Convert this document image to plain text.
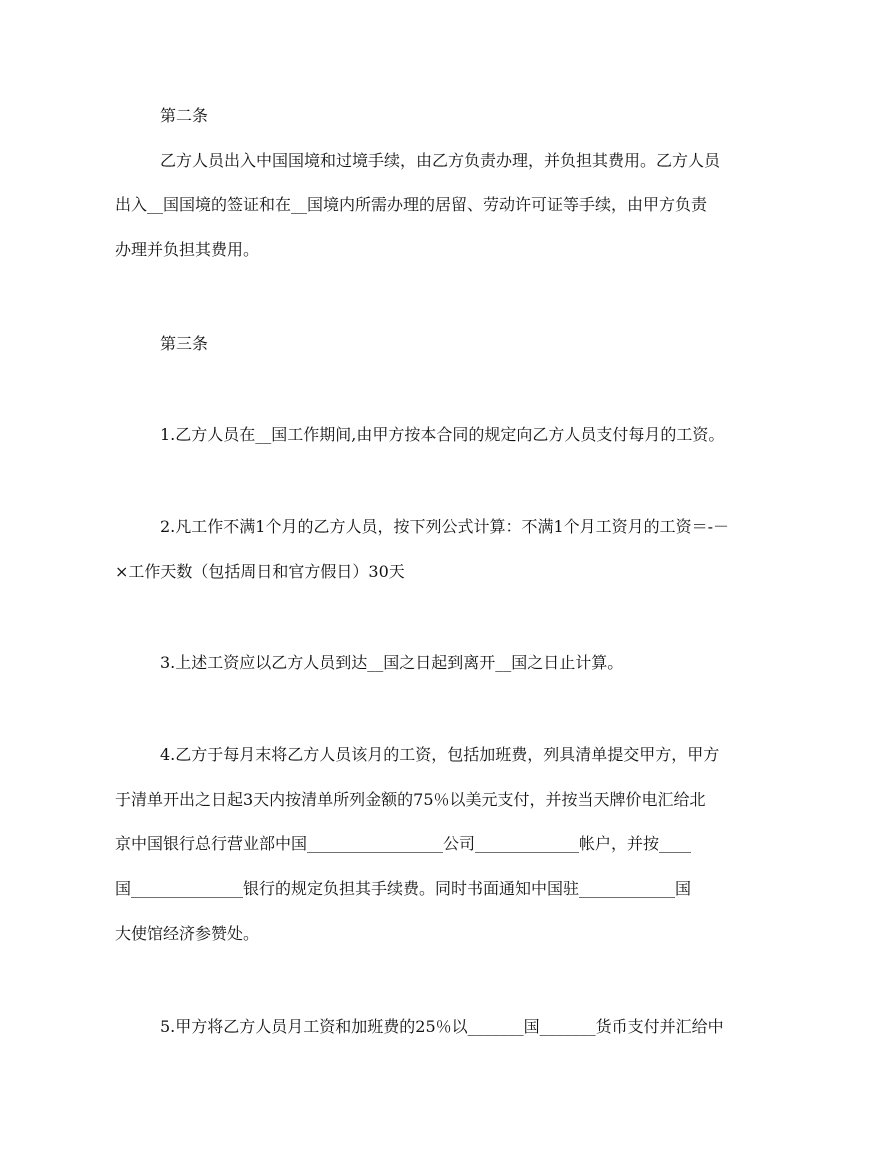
第二条
乙方人员出入中国国境和过境手续，由乙方负责办理，并负担其费用。乙方人员
出入__国国境的签证和在__国境内所需办理的居留、劳动许可证等手续，由甲方负责
办理并负担其费用。
第三条
1.乙方人员在__国工作期间,由甲方按本合同的规定向乙方人员支付每月的工资。
2.凡工作不满1个月的乙方人员，按下列公式计算：不满1个月工资月的工资＝-－
×工作天数（包括周日和官方假日）30天
3.上述工资应以乙方人员到达__国之日起到离开__国之日止计算。
4.乙方于每月末将乙方人员该月的工资，包括加班费，列具清单提交甲方，甲方
于清单开出之日起3天内按清单所列金额的75％以美元支付，并按当天牌价电汇给北
京中国银行总行营业部中国_________________公司_____________帐户，并按____
国______________银行的规定负担其手续费。同时书面通知中国驻____________国
大使馆经济参赞处。
5.甲方将乙方人员月工资和加班费的25％以_______国_______货币支付并汇给中
